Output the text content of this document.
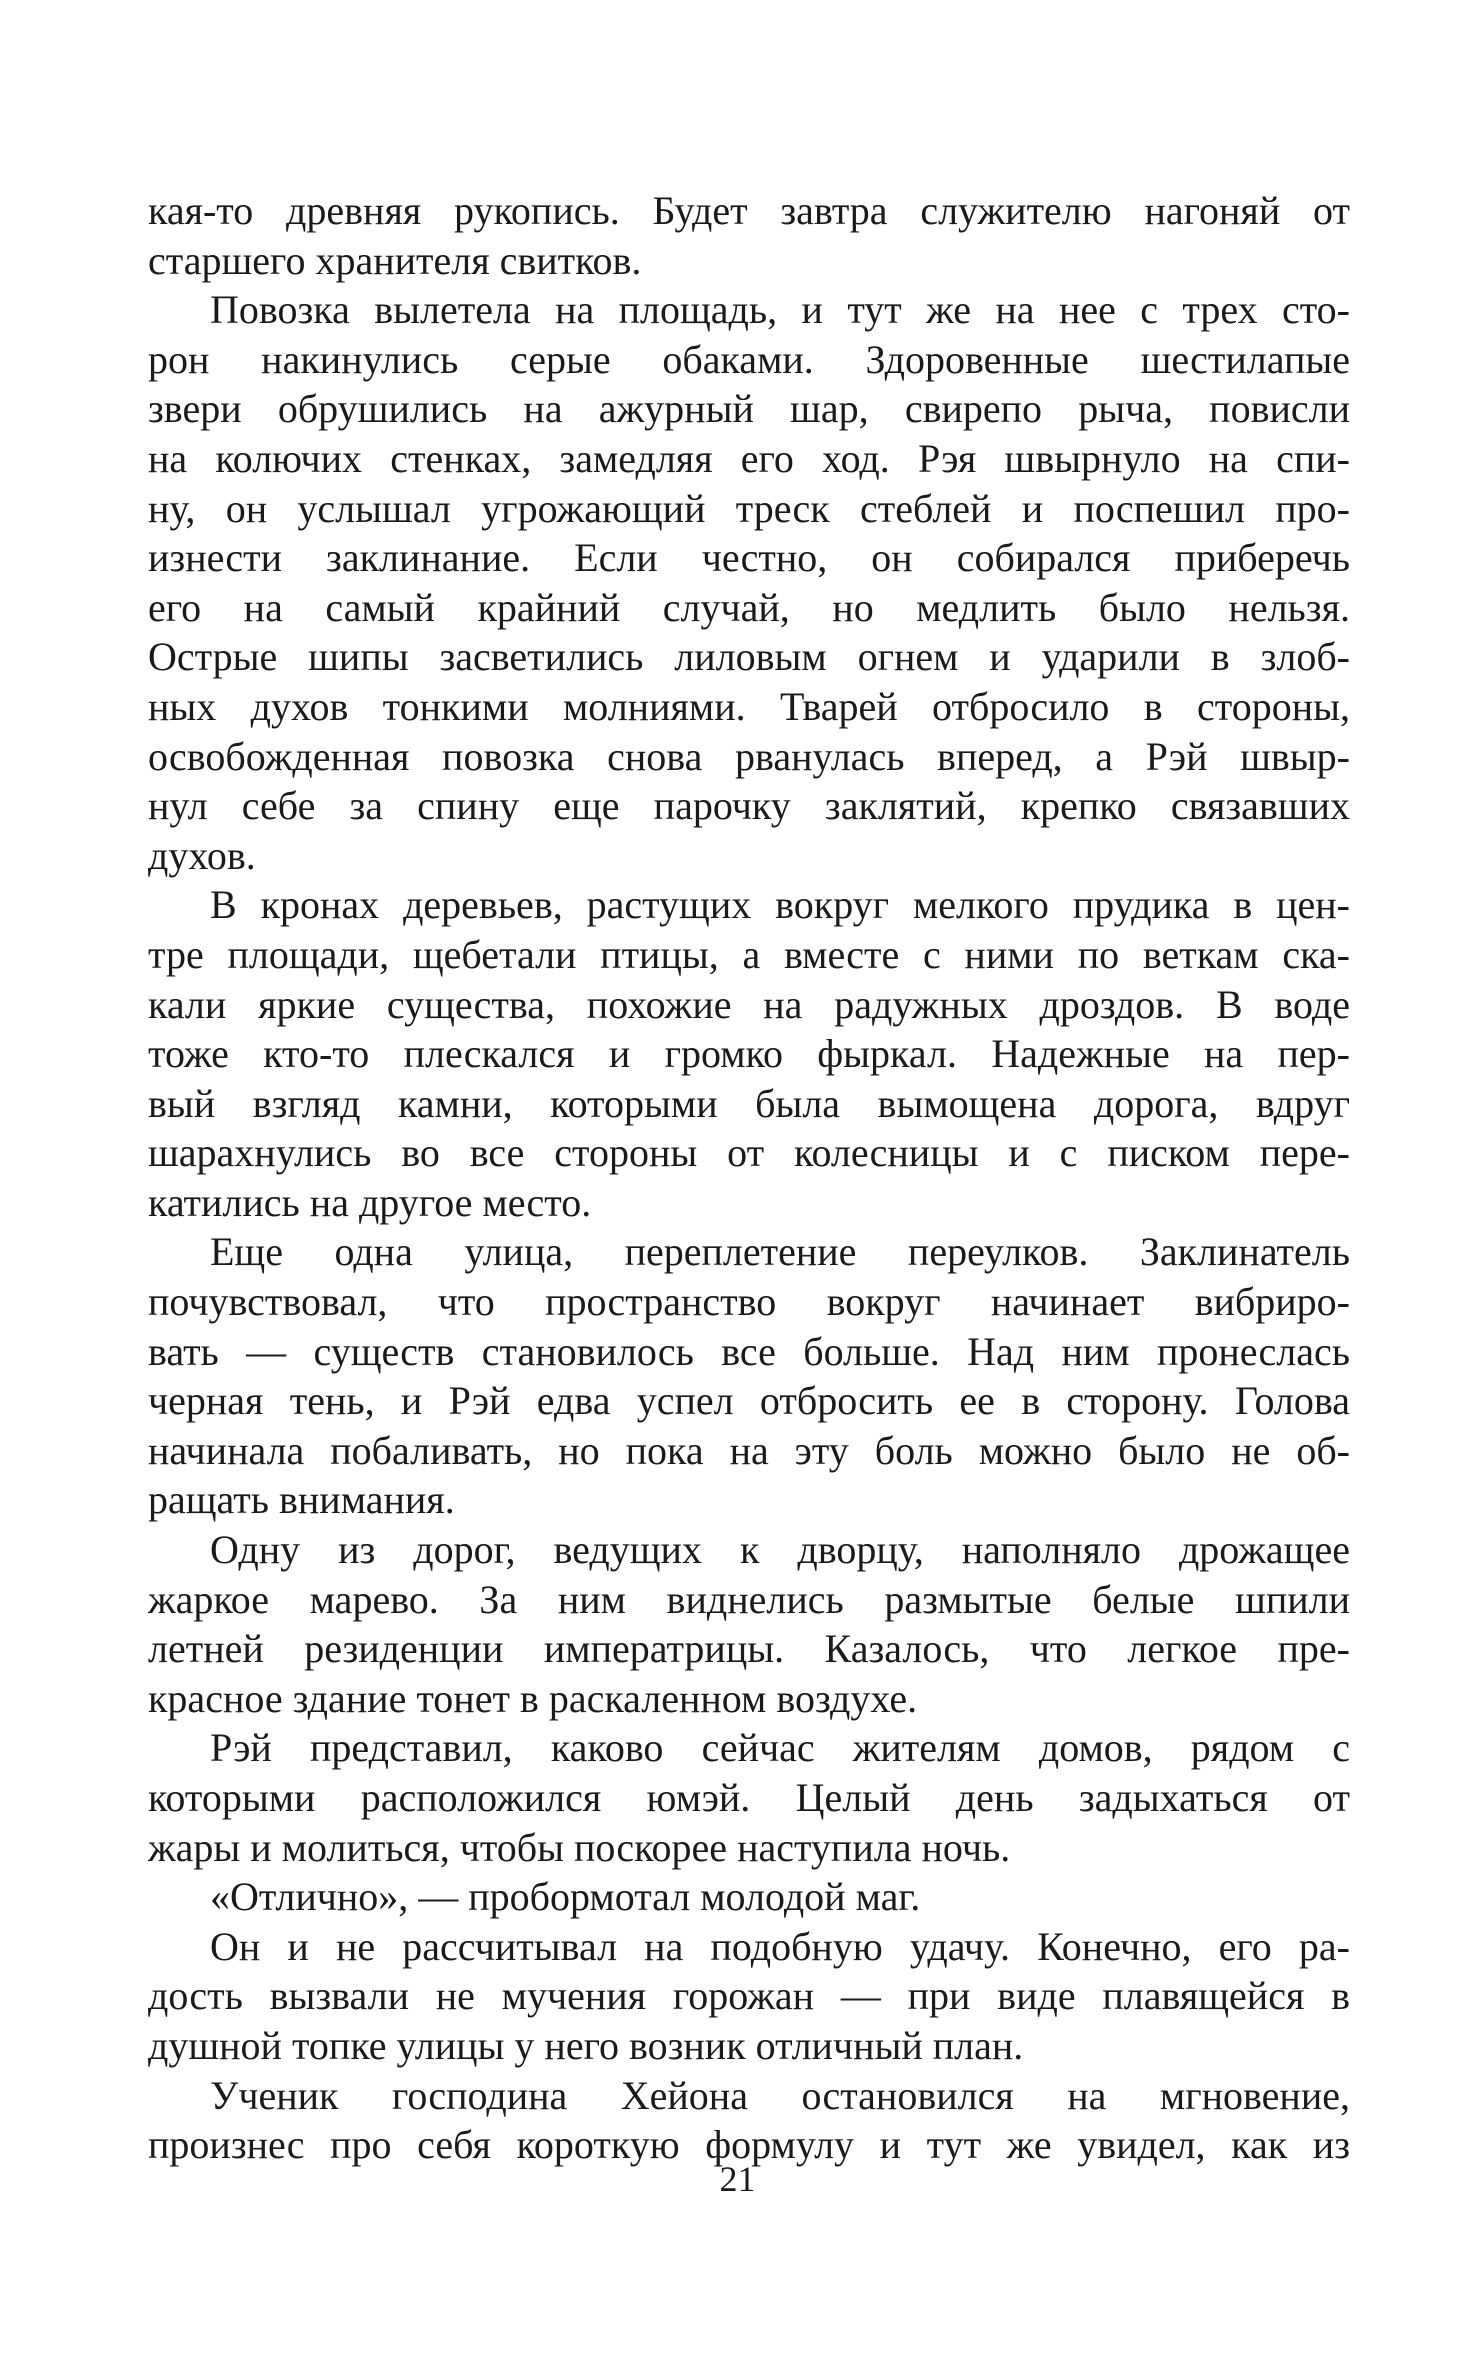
кая-то древняя рукопись. Будет завтра служителю нагоняй от
старшего хранителя свитков.
Повозка вылетела на площадь, и тут же на нее с трех сто-
рон накинулись серые обаками. Здоровенные шестилапые
звери обрушились на ажурный шар, свирепо рыча, повисли
на колючих стенках, замедляя его ход. Рэя швырнуло на спи-
ну, он услышал угрожающий треск стеблей и поспешил про-
изнести заклинание. Если честно, он собирался приберечь
его на самый крайний случай, но медлить было нельзя.
Острые шипы засветились лиловым огнем и ударили в злоб-
ных духов тонкими молниями. Тварей отбросило в стороны,
освобожденная повозка снова рванулась вперед, а Рэй швыр-
нул себе за спину еще парочку заклятий, крепко связавших
духов.
В кронах деревьев, растущих вокруг мелкого прудика в цен-
тре площади, щебетали птицы, а вместе с ними по веткам ска-
кали яркие существа, похожие на радужных дроздов. В воде
тоже кто-то плескался и громко фыркал. Надежные на пер-
вый взгляд камни, которыми была вымощена дорога, вдруг
шарахнулись во все стороны от колесницы и с писком пере-
катились на другое место.
Еще одна улица, переплетение переулков. Заклинатель
почувствовал, что пространство вокруг начинает вибриро-
вать — существ становилось все больше. Над ним пронеслась
черная тень, и Рэй едва успел отбросить ее в сторону. Голова
начинала побаливать, но пока на эту боль можно было не об-
ращать внимания.
Одну из дорог, ведущих к дворцу, наполняло дрожащее
жаркое марево. За ним виднелись размытые белые шпили
летней резиденции императрицы. Казалось, что легкое пре-
красное здание тонет в раскаленном воздухе.
Рэй представил, каково сейчас жителям домов, рядом с
которыми расположился юмэй. Целый день задыхаться от
жары и молиться, чтобы поскорее наступила ночь.
«Отлично», — пробормотал молодой маг.
Он и не рассчитывал на подобную удачу. Конечно, его ра-
дость вызвали не мучения горожан — при виде плавящейся в
душной топке улицы у него возник отличный план.
Ученик господина Хейона остановился на мгновение,
произнес про себя короткую формулу и тут же увидел, как из
21
